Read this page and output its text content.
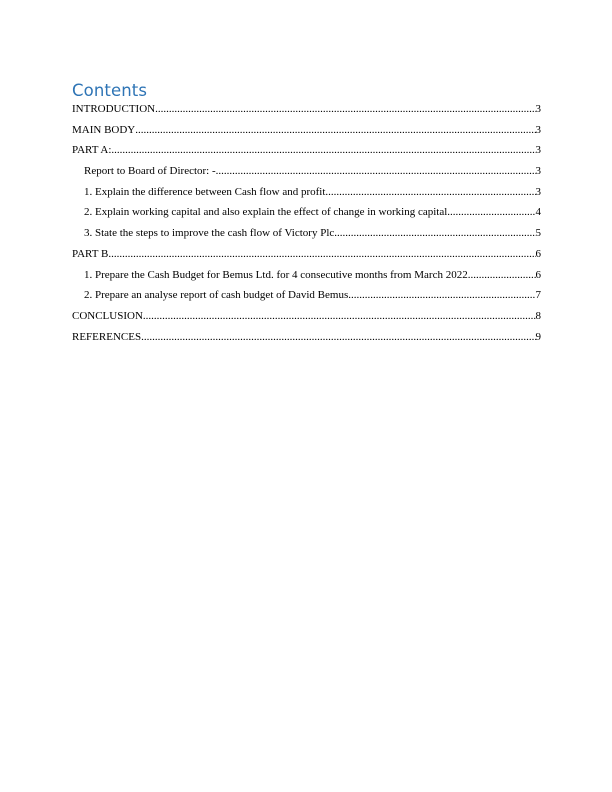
Contents
INTRODUCTION .....	3
MAIN BODY .....	3
PART A: .....	3
Report to Board of Director: - .....	3
1. Explain the difference between Cash flow and profit .....	3
2. Explain working capital and also explain the effect of change in working capital .....	4
3. State the steps to improve the cash flow of Victory Plc .....	5
PART B .....	6
1. Prepare the Cash Budget for Bemus Ltd. for 4 consecutive months from March 2022 .....	6
2. Prepare an analyse report of cash budget of David Bemus .....	7
CONCLUSION .....	8
REFERENCES .....	9
